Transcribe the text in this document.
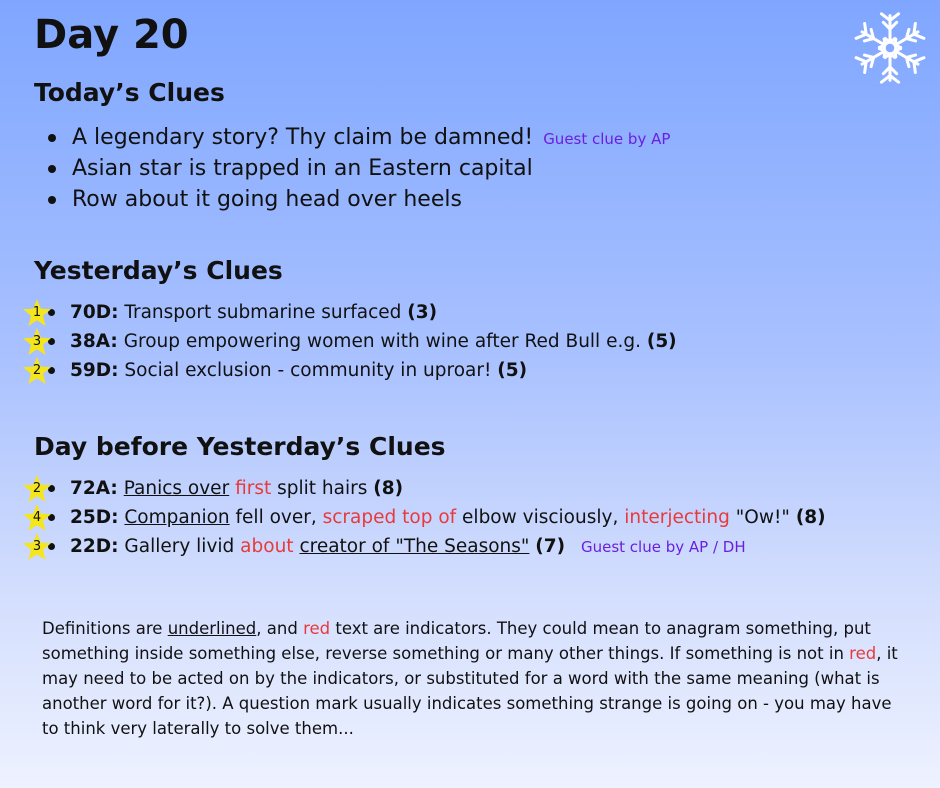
Day 20
Today’s Clues
A legendary story? Thy claim be damned! Guest clue by AP
Asian star is trapped in an Eastern capital
Row about it going head over heels
Yesterday’s Clues
1	70D: Transport submarine surfaced (3)
3	38A: Group empowering women with wine after Red Bull e.g. (5)
2	59D: Social exclusion - community in uproar! (5)
Day before Yesterday’s Clues
2	72A: Panics over first split hairs (8)
4	25D: Companion fell over, scraped top of elbow visciously, interjecting "Ow!" (8)
3	22D: Gallery livid about creator of "The Seasons" (7) Guest clue by AP / DH

Definitions are underlined, and red text are indicators. They could mean to anagram something, put something inside something else, reverse something or many other things. If something is not in red, it may need to be acted on by the indicators, or substituted for a word with the same meaning (what is another word for it?). A question mark usually indicates something strange is going on - you may have to think very laterally to solve them...
